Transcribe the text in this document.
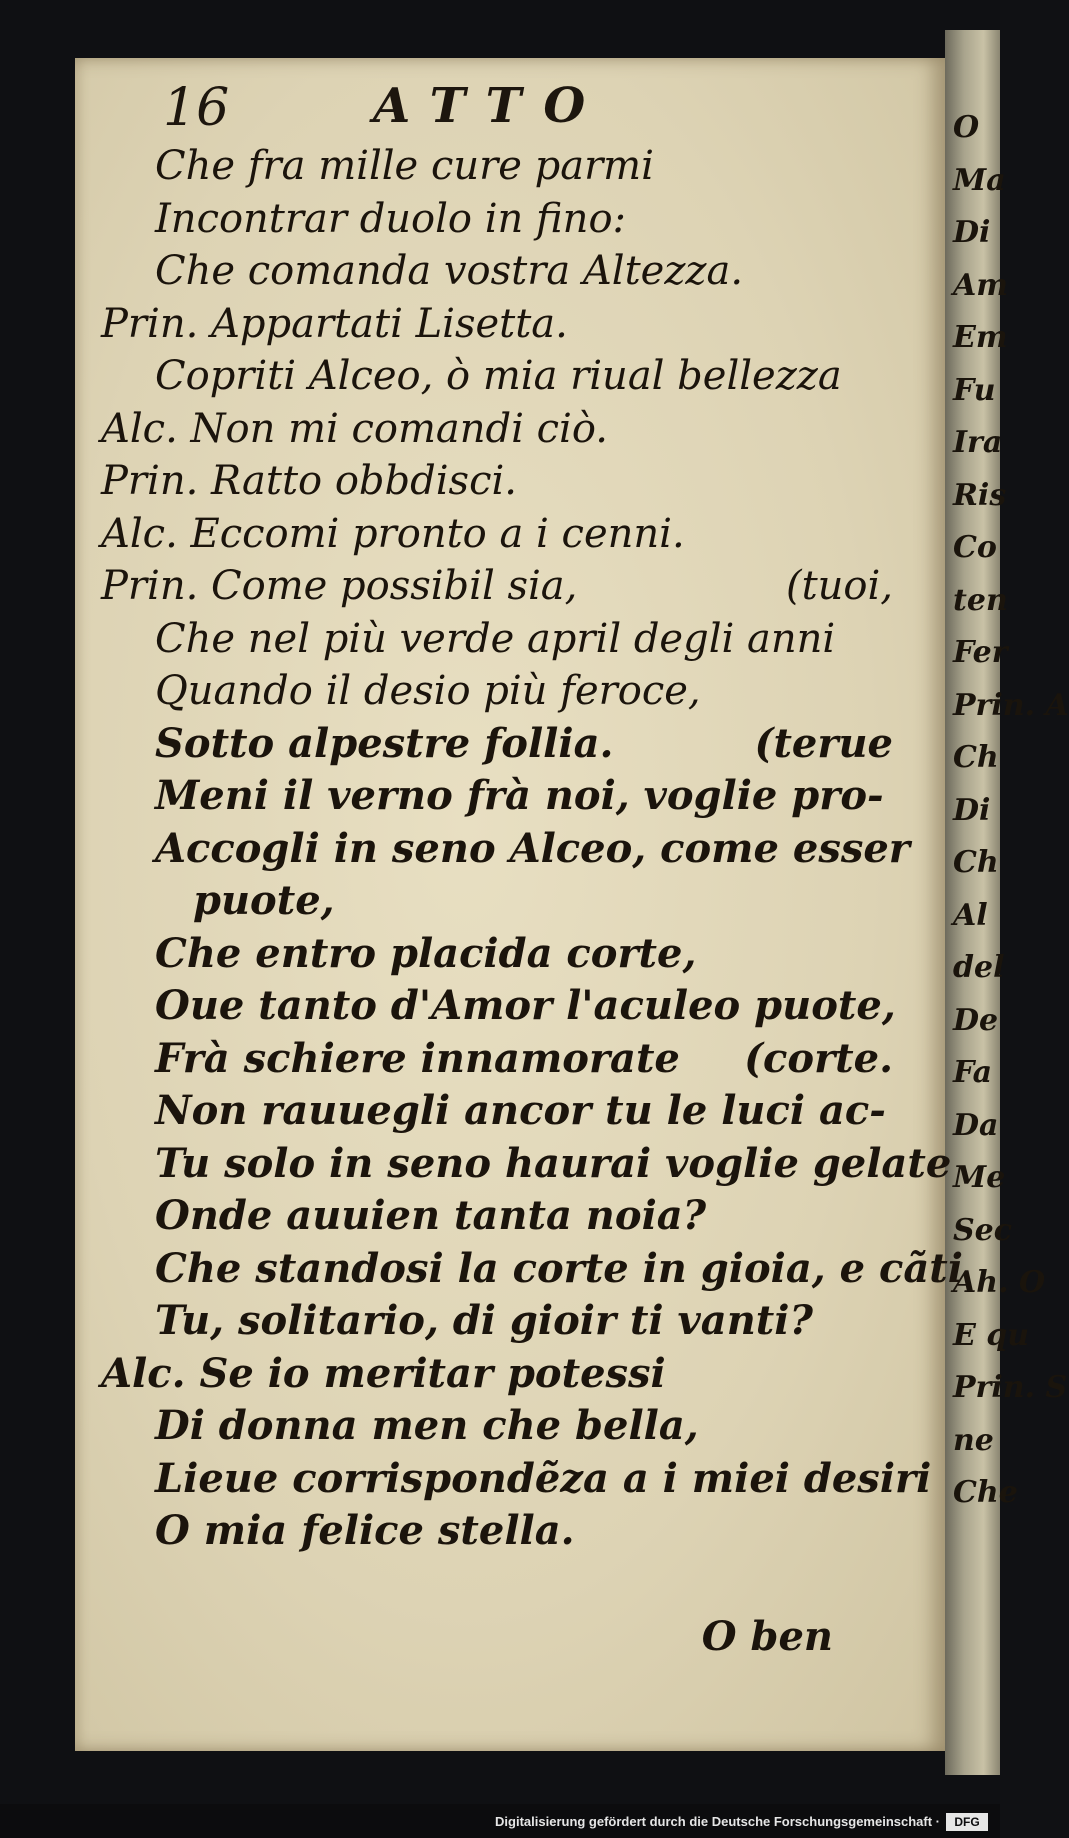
O
Ma
Di
Am
Em
Fu
Ira
Ris
Co
ten
Fer
Prin. A
Ch
Di
Ch
Al
del
De
Fa
Da
Me
Sec
Ah. O
E qu
Prin. S
ne
Che
16	ATTO
Che fra mille cure parmi
Incontrar duolo in fino:
Che comanda vostra Altezza.
Prin. Appartati Lisetta.
Copriti Alceo, ò mia riual bellezza
Alc. Non mi comandi ciò.
Prin. Ratto obbdisci.
Alc. Eccomi pronto a i cenni.
Prin. Come possibil sia,	(tuoi,
Che nel più verde april degli anni
Quando il desio più feroce,
Sotto alpestre follia.	(terue
Meni il verno frà noi, voglie pro-
Accogli in seno Alceo, come esser
puote,
Che entro placida corte,
Oue tanto d'Amor l'aculeo puote,
Frà schiere innamorate (corte.
Non rauuegli ancor tu le luci ac-
Tu solo in seno haurai voglie gelate
Onde auuien tanta noia?
Che standosi la corte in gioia, e cãti
Tu, solitario, di gioir ti vanti?
Alc. Se io meritar potessi
Di donna men che bella,
Lieue corrispondẽza a i miei desiri
O mia felice stella.
O ben
Digitalisierung gefördert durch die Deutsche Forschungsgemeinschaft ·	DFG
